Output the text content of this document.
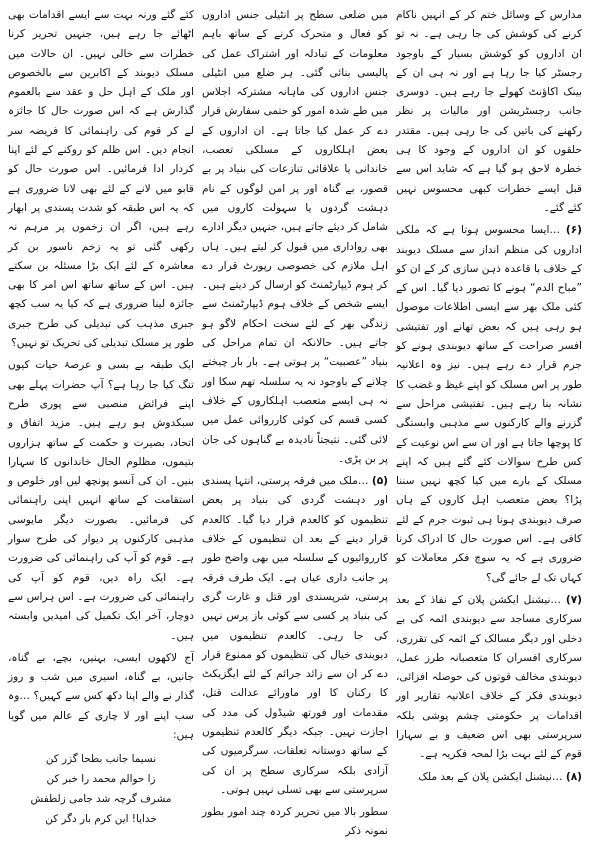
مدارس کے وسائل ختم کر کے انہیں ناکام کرنے کی کوشش کی جا رہی ہے۔ نہ تو ان اداروں کو کوشش بسیار کے باوجود رجسٹر کیا جا رہا ہے اور نہ ہی ان کے بینک اکاؤنٹ کھولے جا رہے ہیں۔ دوسری جانب رجسٹریشن اور مالیات پر نظر رکھنے کی باتیں کی جا رہی ہیں۔ مقتدر حلقوں کو ان اداروں کے وجود کا ہی خطرہ لاحق ہو گیا ہے کہ شاید اس سے قبل ایسے خطرات کبھی محسوس نہیں کئے گئے۔

(۶) …ایسا محسوس ہوتا ہے کہ ملکی اداروں کی منظم انداز سے مسلک دیوبند کے خلاف با قاعدہ ذہن سازی کر کے ان کو ”مباح الدم“ ہونے کا تصور دیا گیا۔ اس کے کئی ملک بھر سے ایسی اطلاعات موصول ہو رہی ہیں کہ بعض تھانے اور تفتیشی افسر صراحت کے ساتھ دیوبندی ہونے کو جرم قرار دے رہے ہیں۔ نیز وہ اعلانیہ طور پر اس مسلک کو اپنے غیظ و غضب کا نشانہ بنا رہے ہیں۔ تفتیشی مراحل سے گزرنے والے کارکنوں سے مذہبی وابستگی کا پوچھا جاتا ہے اور ان سے اس نوعیت کے کس طرح سوالات کئے گئے ہیں کہ اپنے مسلک کے بارے میں کیا کچھ نہیں سننا پڑا؟ بعض متعصب اہل کاروں کے ہاں صرف دیوبندی ہونا ہی ثبوت جرم کے لئے کافی ہے۔ اس صورت حال کا ادراک کرنا ضروری ہے کہ یہ سوچ فکر معاملات کو کہاں تک لے جائے گی؟

(۷) …نیشنل ایکشن پلان کے نفاذ کے بعد سرکاری مساجد سے دیوبندی ائمہ کی بے دخلی اور دیگر مسالک کے ائمہ کی تقرری، سرکاری افسران کا متعصبانہ طرز عمل، دیوبندی مخالف قوتوں کی حوصلہ افزائی، دیوبندی فکر کے خلاف اعلانیہ تقاریر اور اقدامات پر حکومتی چشم پوشی بلکہ سرپرستی بھی اس ضعیف و بے سہارا قوم کے لئے بہت بڑا لمحہ فکریہ ہے۔

(۸) …نیشنل ایکشن پلان کے بعد ملک

میں ضلعی سطح پر انٹیلی جنس اداروں کو فعال و متحرک کرنے کے ساتھ باہم معلومات کے تبادلہ اور اشتراک عمل کی پالیسی بنائی گئی۔ ہر ضلع میں انٹیلی جنس اداروں کی ماہانہ مشترکہ اجلاس میں طے شدہ امور کو حتمی سفارش قرار دے کر عمل کیا جاتا ہے۔ ان اداروں کے بعض اہلکاروں کے مسلکی تعصب، خاندانی یا علاقائی تنازعات کی بنیاد پر بے قصور، بے گناہ اور پر امن لوگوں کے نام دہشت گردوں یا سہولت کاروں میں شامل کر دیئے جاتے ہیں، جنہیں دیگر ادارے بھی رواداری میں قبول کر لیتے ہیں۔ ہاں اہل ملازم کی خصوصی رپورٹ قرار دے کر ہوم ڈیپارٹمنٹ کو ارسال کر دیتے ہیں۔ ایسے شخص کے خلاف ہوم ڈیپارٹمنٹ سے زندگی بھر کے لئے سخت احکام لاگو ہو جاتے ہیں۔ حالانکہ ان تمام مراحل کی بنیاد ”عصبیت“ پر ہوتی ہے۔ بار بار چیختے چلانے کے باوجود نہ یہ سلسلہ تھم سکا اور نہ ہی ایسے متعصب اہلکاروں کے خلاف کسی قسم کی کوئی کارروائی عمل میں لائی گئی۔ نتیجتاً نادیدہ بے گناہوں کی جان پر بن پڑی۔

(۵) …ملک میں فرقہ پرستی، انتہا پسندی اور دہشت گردی کی بنیاد پر بعض تنظیموں کو کالعدم قرار دیا گیا۔ کالعدم قرار دینے کے بعد ان تنظیموں کے خلاف کارروائیوں کے سلسلہ میں بھی واضح طور پر جانب داری عیاں ہے۔ ایک طرف فرقہ پرستی، شرپسندی اور قتل و غارت گری کی بنیاد پر کسی سے کوئی باز پرس نہیں کی جا رہی۔ کالعدم تنظیموں میں دیوبندی خیال کی تنظیموں کو ممنوع قرار دے کر ان سے زائد جرائم کے لئے ایگزیکٹ کا رکنان کا اور ماورائے عدالت قتل، مقدمات اور فورتھ شیڈول کی مدد کی اجازت نہیں۔ جبکہ دیگر کالعدم تنظیموں کے ساتھ دوستانہ تعلقات، سرگرمیوں کی آزادی بلکہ سرکاری سطح پر ان کی سرپرستی سے بھی تسلی نہیں ہوتی۔

سطور بالا میں تحریر کردہ چند امور بطور نمونہ ذکر

کئے گئے ورنہ بہت سے ایسے اقدامات بھی اٹھائے جا رہے ہیں، جنہیں تحریر کرنا خطرات سے خالی نہیں۔ ان حالات میں مسلک دیوبند کے اکابرین سے بالخصوص اور ملک کے اہل حل و عقد سے بالعموم گذارش ہے کہ اس صورت حال کا جائزہ لے کر قوم کی راہنمائی کا فریضہ سر انجام دیں۔ اس ظلم کو روکنے کے لئے اپنا کردار ادا فرمائیں۔ اس صورت حال کو قابو میں لانے کے لئے بھی لانا ضروری ہے کہ یہ اس طبقہ کو شدت پسندی پر ابھار رہے ہیں، اگر ان زخموں پر مرہم نہ رکھی گئی تو یہ زخم ناسور بن کر معاشرہ کے لئے ایک بڑا مسئلہ بن سکتے ہیں۔ اس کے ساتھ ساتھ اس امر کا بھی جائزہ لینا ضروری ہے کہ کیا یہ سب کچھ جبری مذہب کی تبدیلی کی طرح جبری طور پر مسلک تبدیلی کی تحریک تو نہیں؟

ایک طبقہ بے بسی و عرصۂ حیات کیوں تنگ کیا جا رہا ہے؟ آپ حضرات پہلے بھی اپنے فرائض منصبی سے پوری طرح سبکدوش ہو رہے ہیں۔ مزید اتفاق و اتحاد، بصیرت و حکمت کے ساتھ ہزاروں بتیموں، مظلوم الحال خاندانوں کا سہارا بنیں۔ ان کی آنسو پونچھ لیں اور خلوص و استقامت کے ساتھ انہیں اپنی راہنمائی کی فرمائیں۔ بصورت دیگر مایوسی مذہبی کارکنوں پر دیوار کی طرح سوار ہے۔ قوم کو آپ کی راہنمائی کی ضرورت ہے۔ ایک راہ دیں، قوم کو آپ کی راہنمائی کی ضرورت ہے۔ اس ہراس سے دوچار، آخر ایک تکمیل کی امیدیں وابستہ ہیں۔

آج لاکھوں ایسی، بہنیں، بچے، بے گناہ، جانیں، بے گناہ، اسیری میں شب و روز گذار نے والے اپنا دکھ کس سے کہیں؟ …وہ سب اپنے اور لا چاری کے عالم میں گویا ہیں:

نسیما جانب بطحا گزر کن
زا حوالم محمد را خبر کن
مشرف گرچہ شد جامی زلطفش
خدایا! این کرم بار دگر کن
